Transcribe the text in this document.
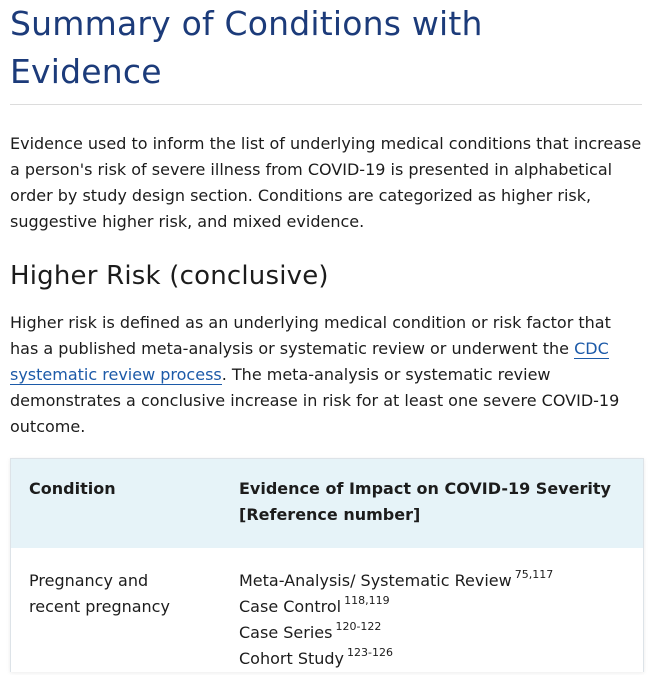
Summary of Conditions with Evidence

Evidence used to inform the list of underlying medical conditions that increase a person's risk of severe illness from COVID-19 is presented in alphabetical order by study design section. Conditions are categorized as higher risk, suggestive higher risk, and mixed evidence.

Higher Risk (conclusive)

Higher risk is defined as an underlying medical condition or risk factor that has a published meta-analysis or systematic review or underwent the CDC systematic review process. The meta-analysis or systematic review demonstrates a conclusive increase in risk for at least one severe COVID-19 outcome.

Condition	Evidence of Impact on COVID-19 Severity [Reference number]
Pregnancy and recent pregnancy	Meta-Analysis/ Systematic Review $^{75,117}$
Case Control $^{118,119}$
Case Series $^{120-122}$
Cohort Study $^{123-126}$
